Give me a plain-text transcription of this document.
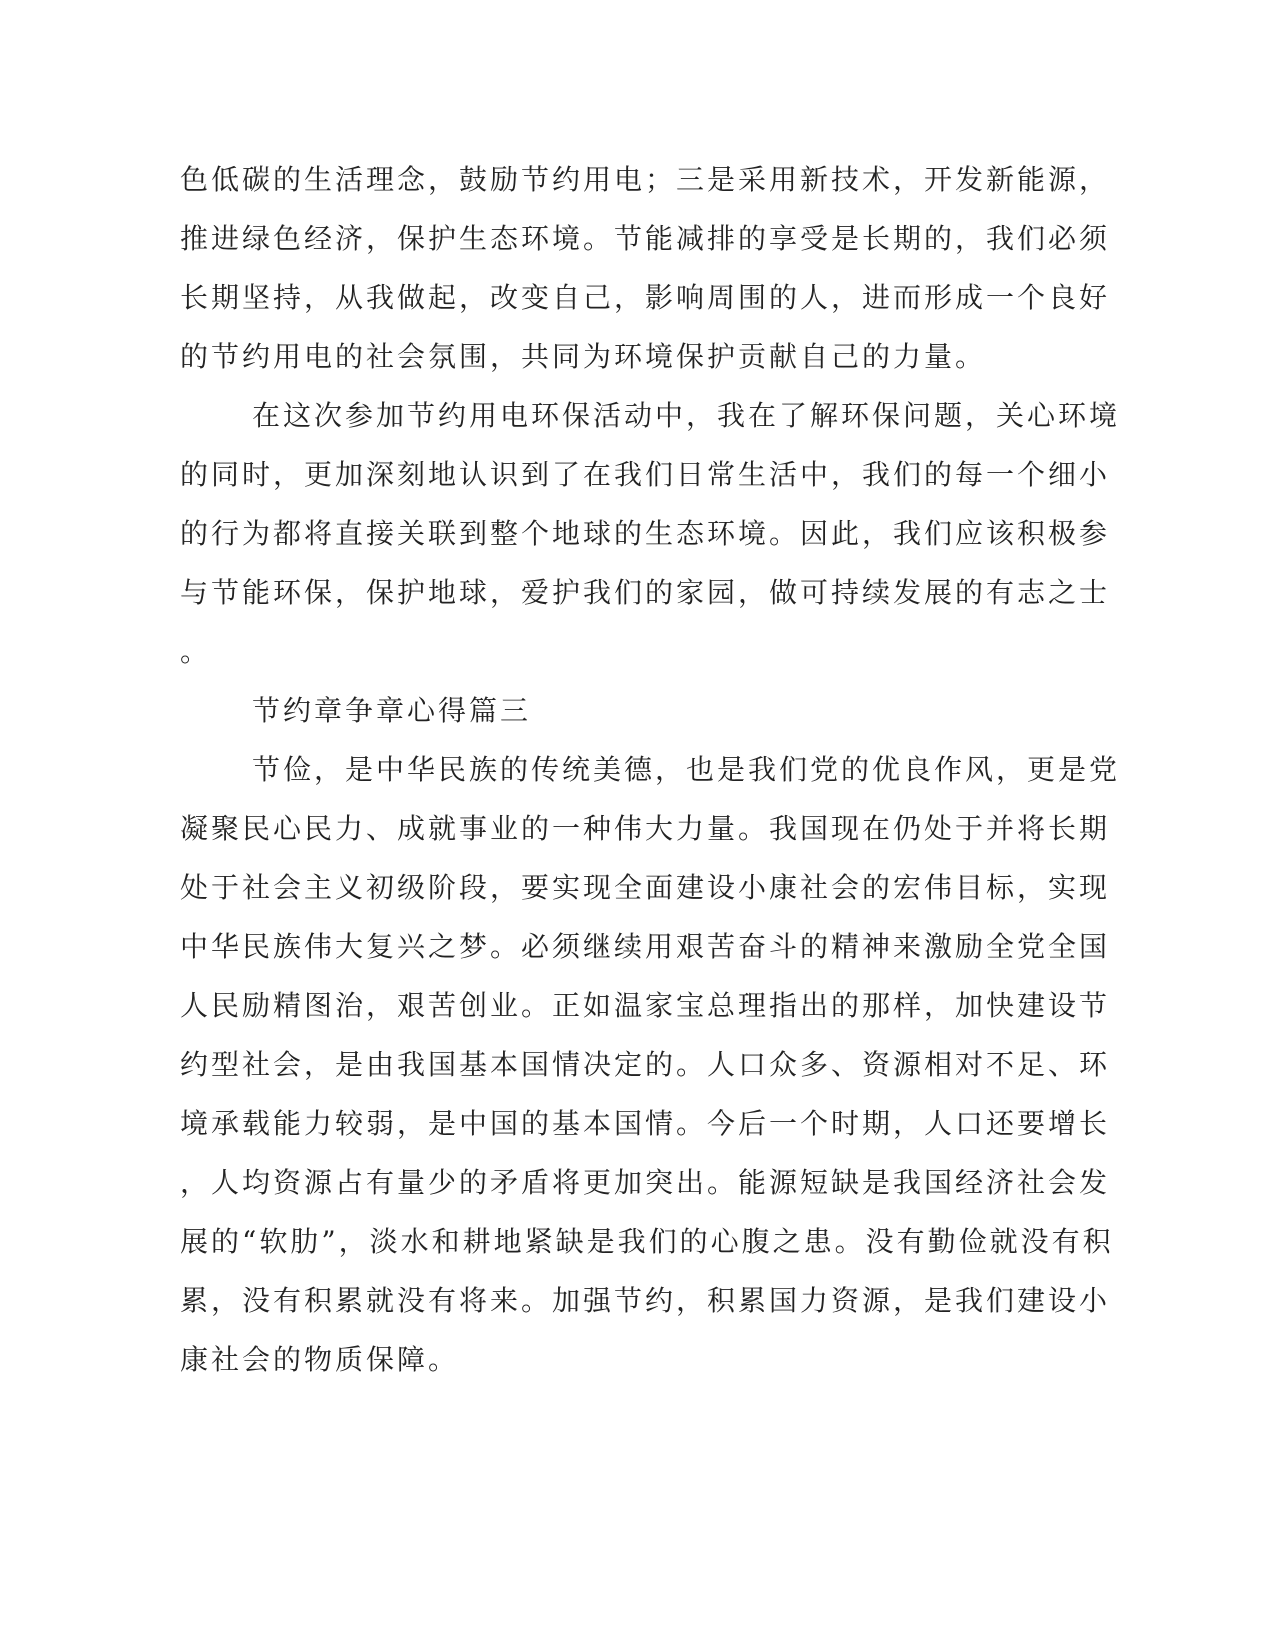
色低碳的生活理念，鼓励节约用电；三是采用新技术，开发新能源，
推进绿色经济，保护生态环境。节能减排的享受是长期的，我们必须
长期坚持，从我做起，改变自己，影响周围的人，进而形成一个良好
的节约用电的社会氛围，共同为环境保护贡献自己的力量。
在这次参加节约用电环保活动中，我在了解环保问题，关心环境
的同时，更加深刻地认识到了在我们日常生活中，我们的每一个细小
的行为都将直接关联到整个地球的生态环境。因此，我们应该积极参
与节能环保，保护地球，爱护我们的家园，做可持续发展的有志之士
。
节约章争章心得篇三
节俭，是中华民族的传统美德，也是我们党的优良作风，更是党
凝聚民心民力、成就事业的一种伟大力量。我国现在仍处于并将长期
处于社会主义初级阶段，要实现全面建设小康社会的宏伟目标，实现
中华民族伟大复兴之梦。必须继续用艰苦奋斗的精神来激励全党全国
人民励精图治，艰苦创业。正如温家宝总理指出的那样，加快建设节
约型社会，是由我国基本国情决定的。人口众多、资源相对不足、环
境承载能力较弱，是中国的基本国情。今后一个时期，人口还要增长
，人均资源占有量少的矛盾将更加突出。能源短缺是我国经济社会发
展的“软肋”，淡水和耕地紧缺是我们的心腹之患。没有勤俭就没有积
累，没有积累就没有将来。加强节约，积累国力资源，是我们建设小
康社会的物质保障。
